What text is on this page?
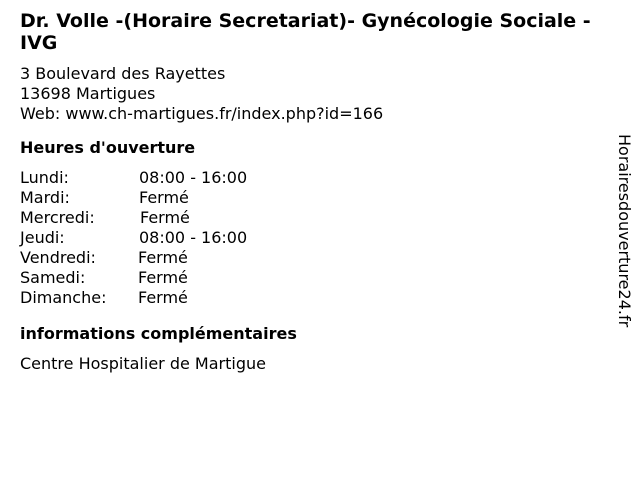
Dr. Volle -(Horaire Secretariat)- Gynécologie Sociale - IVG
3 Boulevard des Rayettes
13698 Martigues
Web: www.ch-martigues.fr/index.php?id=166
Heures d'ouverture
Lundi:	08:00 - 16:00
Mardi:	Fermé
Mercredi:	Fermé
Jeudi:	08:00 - 16:00
Vendredi:	Fermé
Samedi:	Fermé
Dimanche:	Fermé
informations complémentaires
Centre Hospitalier de Martigue
Horairesdouverture24.fr
